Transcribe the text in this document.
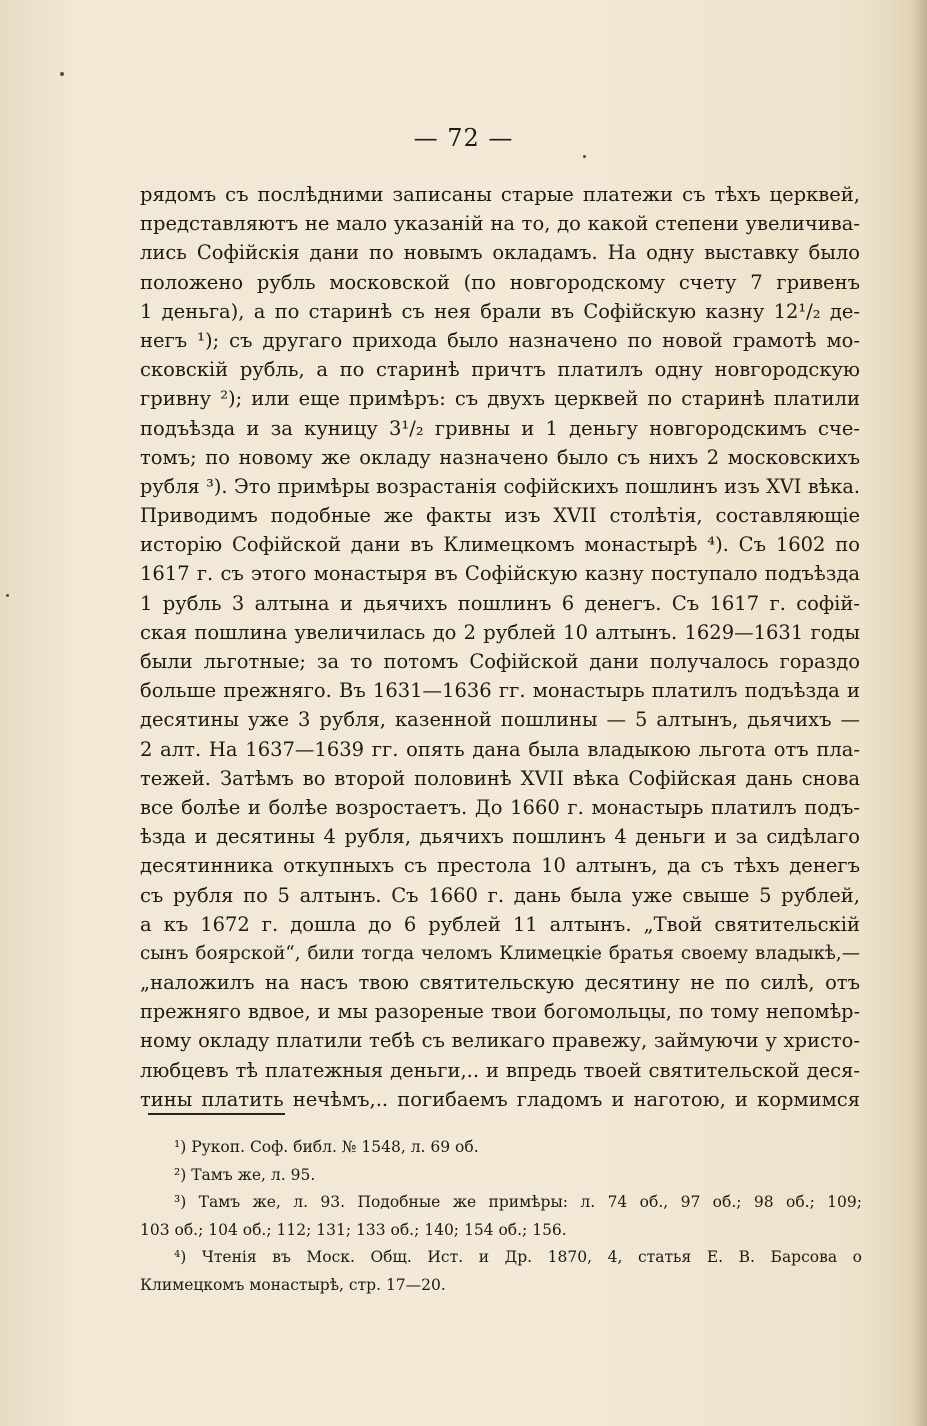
— 72 —
рядомъ съ послѣдними записаны старые платежи съ тѣхъ церквей,
представляютъ не мало указаній на то, до какой степени увеличива-
лись Софійскія дани по новымъ окладамъ. На одну выставку было
положено рубль московской (по новгородскому счету 7 гривенъ
1 деньга), а по старинѣ съ нея брали въ Софійскую казну 12¹/₂ де-
негъ ¹); съ другаго прихода было назначено по новой грамотѣ мо-
сковскій рубль, а по старинѣ причтъ платилъ одну новгородскую
гривну ²); или еще примѣръ: съ двухъ церквей по старинѣ платили
подъѣзда и за куницу 3¹/₂ гривны и 1 деньгу новгородскимъ сче-
томъ; по новому же окладу назначено было съ нихъ 2 московскихъ
рубля ³). Это примѣры возрастанія софійскихъ пошлинъ изъ XVI вѣка.
Приводимъ подобные же факты изъ XVII столѣтія, составляющіе
исторію Софійской дани въ Климецкомъ монастырѣ ⁴). Съ 1602 по
1617 г. съ этого монастыря въ Софійскую казну поступало подъѣзда
1 рубль 3 алтына и дьячихъ пошлинъ 6 денегъ. Съ 1617 г. софій-
ская пошлина увеличилась до 2 рублей 10 алтынъ. 1629—1631 годы
были льготные; за то потомъ Софійской дани получалось гораздо
больше прежняго. Въ 1631—1636 гг. монастырь платилъ подъѣзда и
десятины уже 3 рубля, казенной пошлины — 5 алтынъ, дьячихъ —
2 алт. На 1637—1639 гг. опять дана была владыкою льгота отъ пла-
тежей. Затѣмъ во второй половинѣ XVII вѣка Софійская дань снова
все болѣе и болѣе возростаетъ. До 1660 г. монастырь платилъ подъ-
ѣзда и десятины 4 рубля, дьячихъ пошлинъ 4 деньги и за сидѣлаго
десятинника откупныхъ съ престола 10 алтынъ, да съ тѣхъ денегъ
съ рубля по 5 алтынъ. Съ 1660 г. дань была уже свыше 5 рублей,
а къ 1672 г. дошла до 6 рублей 11 алтынъ. „Твой святительскій
сынъ боярской“, били тогда челомъ Климецкіе братья своему владыкѣ,—
„наложилъ на насъ твою святительскую десятину не по силѣ, отъ
прежняго вдвое, и мы разореные твои богомольцы, по тому непомѣр-
ному окладу платили тебѣ съ великаго правежу, займуючи у христо-
любцевъ тѣ платежныя деньги,.. и впредь твоей святительской деся-
тины платить нечѣмъ,.. погибаемъ гладомъ и наготою, и кормимся
¹) Рукоп. Соф. библ. № 1548, л. 69 об.
²) Тамъ же, л. 95.
³) Тамъ же, л. 93. Подобные же примѣры: л. 74 об., 97 об.; 98 об.; 109;
103 об.; 104 об.; 112; 131; 133 об.; 140; 154 об.; 156.
⁴) Чтенія въ Моск. Общ. Ист. и Др. 1870, 4, статья Е. В. Барсова о
Климецкомъ монастырѣ, стр. 17—20.
